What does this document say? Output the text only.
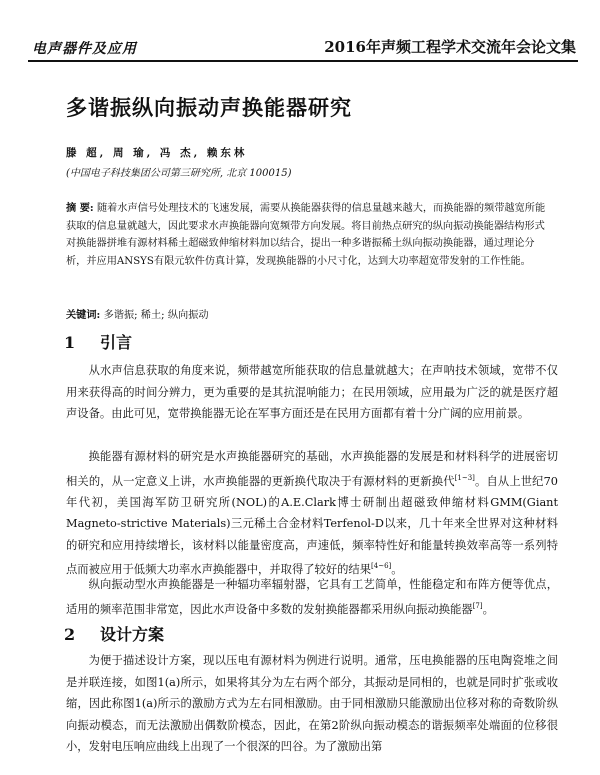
电声器件及应用	2016年声频工程学术交流年会论文集
多谐振纵向振动声换能器研究
滕 超, 周 瑜, 冯 杰, 赖东林
(中国电子科技集团公司第三研究所, 北京 100015)
摘 要: 随着水声信号处理技术的飞速发展，需要从换能器获得的信息量越来越大，而换能器的频带越宽所能获取的信息量就越大，因此要求水声换能器向宽频带方向发展。将目前热点研究的纵向振动换能器结构形式对换能器拼堆有源材料稀土超磁致伸缩材料加以结合，提出一种多谐振稀土纵向振动换能器，通过理论分析，并应用ANSYS有限元软件仿真计算，发现换能器的小尺寸化，达到大功率超宽带发射的工作性能。
关键词: 多谐振; 稀土; 纵向振动
1 引言

从水声信息获取的角度来说，频带越宽所能获取的信息量就越大；在声呐技术领域，宽带不仅用来获得高的时间分辨力，更为重要的是其抗混响能力；在民用领域，应用最为广泛的就是医疗超声设备。由此可见，宽带换能器无论在军事方面还是在民用方面都有着十分广阔的应用前景。

换能器有源材料的研究是水声换能器研究的基础，水声换能器的发展是和材料科学的进展密切相关的，从一定意义上讲，水声换能器的更新换代取决于有源材料的更新换代[1~3]。自从上世纪70年代初，美国海军防卫研究所(NOL)的A.E.Clark博士研制出超磁致伸缩材料GMM(Giant Magneto-strictive Materials)三元稀土合金材料Terfenol-D以来，几十年来全世界对这种材料的研究和应用持续增长，该材料以能量密度高，声速低，频率特性好和能量转换效率高等一系列特点而被应用于低频大功率水声换能器中，并取得了较好的结果[4~6]。

纵向振动型水声换能器是一种辐功率辐射器，它具有工艺简单，性能稳定和布阵方便等优点，适用的频率范围非常宽，因此水声设备中多数的发射换能器都采用纵向振动换能器[7]。

2 设计方案

为便于描述设计方案，现以压电有源材料为例进行说明。通常，压电换能器的压电陶瓷堆之间是并联连接，如图1(a)所示，如果将其分为左右两个部分，其振动是同相的，也就是同时扩张或收缩，因此称图1(a)所示的激励方式为左右同相激励。由于同相激励只能激励出位移对称的奇数阶纵向振动模态，而无法激励出偶数阶模态，因此，在第2阶纵向振动模态的谐振频率处端面的位移很小，发射电压响应曲线上出现了一个很深的凹谷。为了激励出第
